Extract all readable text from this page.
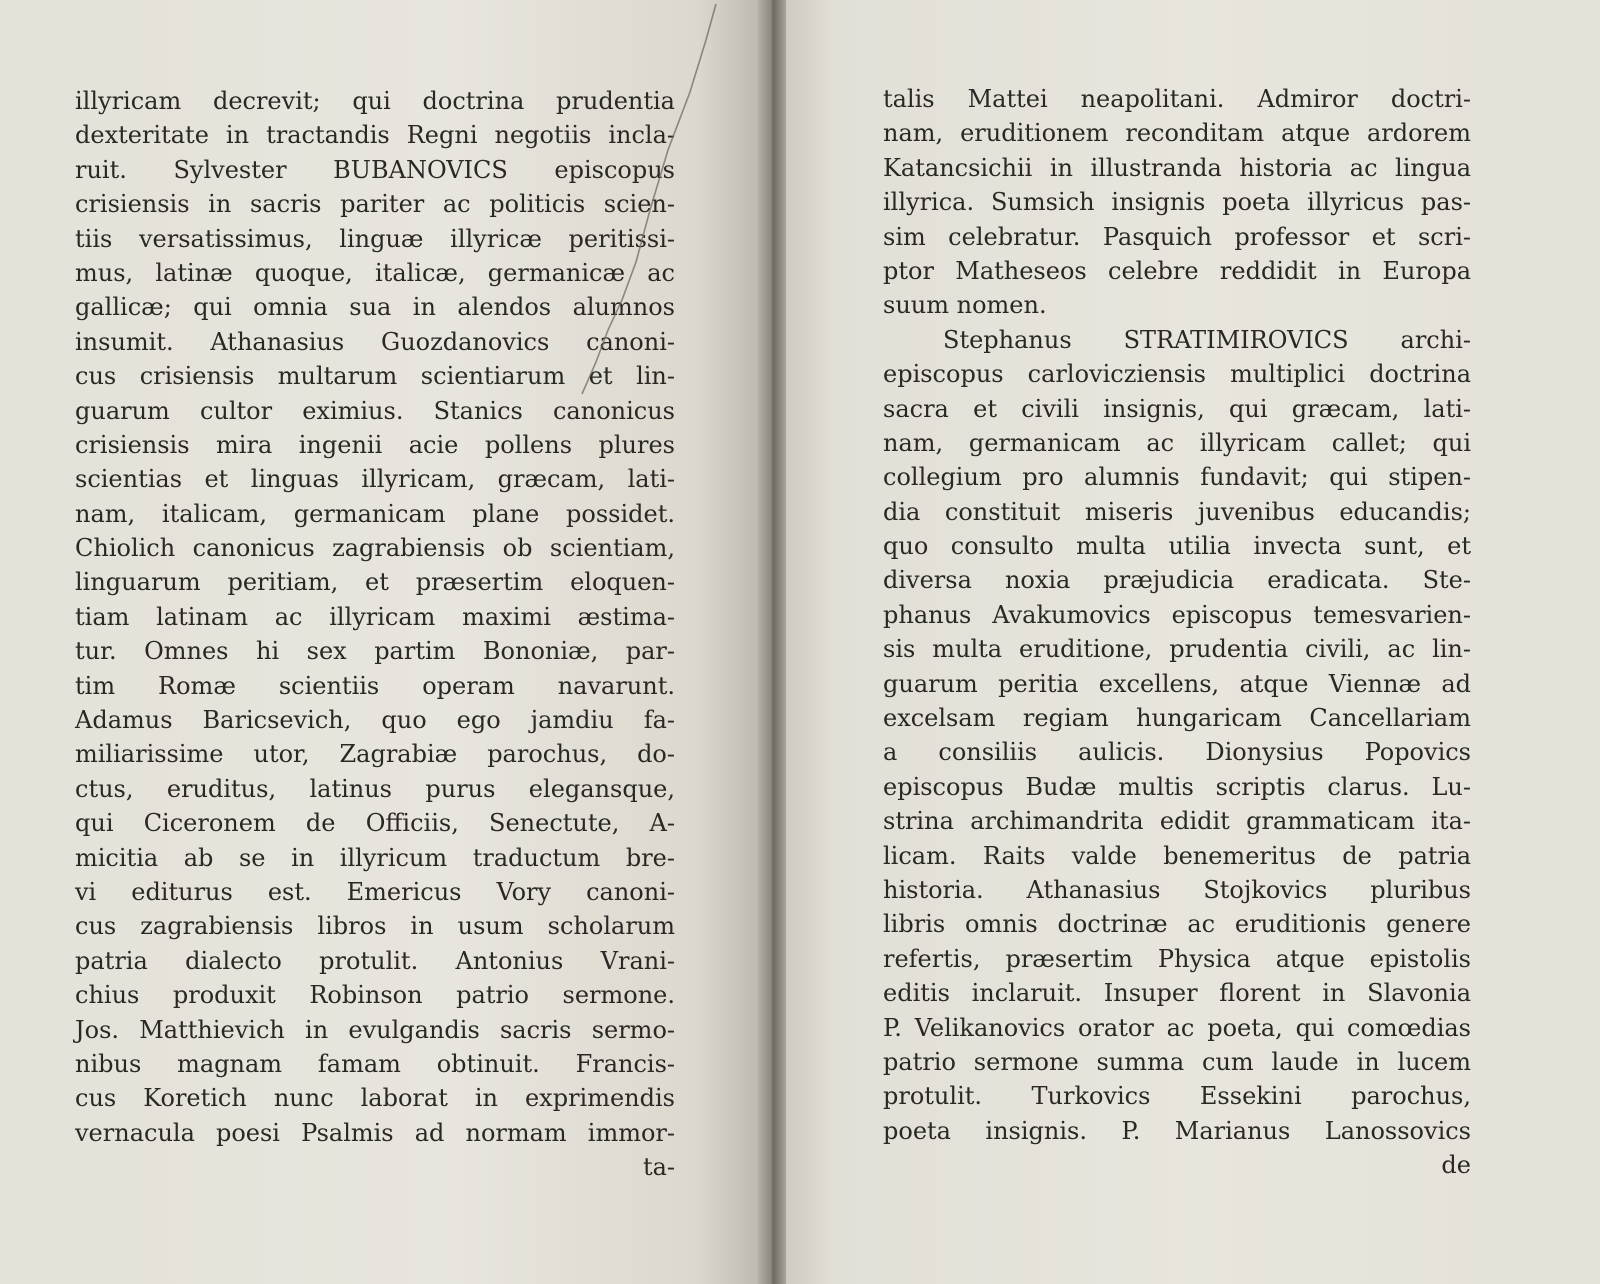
illyricam decrevit; qui doctrina prudentia
dexteritate in tractandis Regni negotiis incla-
ruit. Sylvester BUBANOVICS episcopus
crisiensis in sacris pariter ac politicis scien-
tiis versatissimus, linguæ illyricæ peritissi-
mus, latinæ quoque, italicæ, germanicæ ac
gallicæ; qui omnia sua in alendos alumnos
insumit. Athanasius Guozdanovics canoni-
cus crisiensis multarum scientiarum et lin-
guarum cultor eximius. Stanics canonicus
crisiensis mira ingenii acie pollens plures
scientias et linguas illyricam, græcam, lati-
nam, italicam, germanicam plane possidet.
Chiolich canonicus zagrabiensis ob scientiam,
linguarum peritiam, et præsertim eloquen-
tiam latinam ac illyricam maximi æstima-
tur. Omnes hi sex partim Bononiæ, par-
tim Romæ scientiis operam navarunt.
Adamus Baricsevich, quo ego jamdiu fa-
miliarissime utor, Zagrabiæ parochus, do-
ctus, eruditus, latinus purus elegansque,
qui Ciceronem de Officiis, Senectute, A-
micitia ab se in illyricum traductum bre-
vi editurus est. Emericus Vory canoni-
cus zagrabiensis libros in usum scholarum
patria dialecto protulit. Antonius Vrani-
chius produxit Robinson patrio sermone.
Jos. Matthievich in evulgandis sacris sermo-
nibus magnam famam obtinuit. Francis-
cus Koretich nunc laborat in exprimendis
vernacula poesi Psalmis ad normam immor-
ta-
talis Mattei neapolitani. Admiror doctri-
nam, eruditionem reconditam atque ardorem
Katancsichii in illustranda historia ac lingua
illyrica. Sumsich insignis poeta illyricus pas-
sim celebratur. Pasquich professor et scri-
ptor Matheseos celebre reddidit in Europa
suum nomen.
Stephanus STRATIMIROVICS archi-
episcopus carlovicziensis multiplici doctrina
sacra et civili insignis, qui græcam, lati-
nam, germanicam ac illyricam callet; qui
collegium pro alumnis fundavit; qui stipen-
dia constituit miseris juvenibus educandis;
quo consulto multa utilia invecta sunt, et
diversa noxia præjudicia eradicata. Ste-
phanus Avakumovics episcopus temesvarien-
sis multa eruditione, prudentia civili, ac lin-
guarum peritia excellens, atque Viennæ ad
excelsam regiam hungaricam Cancellariam
a consiliis aulicis. Dionysius Popovics
episcopus Budæ multis scriptis clarus. Lu-
strina archimandrita edidit grammaticam ita-
licam. Raits valde benemeritus de patria
historia. Athanasius Stojkovics pluribus
libris omnis doctrinæ ac eruditionis genere
refertis, præsertim Physica atque epistolis
editis inclaruit. Insuper florent in Slavonia
P. Velikanovics orator ac poeta, qui comœdias
patrio sermone summa cum laude in lucem
protulit. Turkovics Essekini parochus,
poeta insignis. P. Marianus Lanossovics
de
